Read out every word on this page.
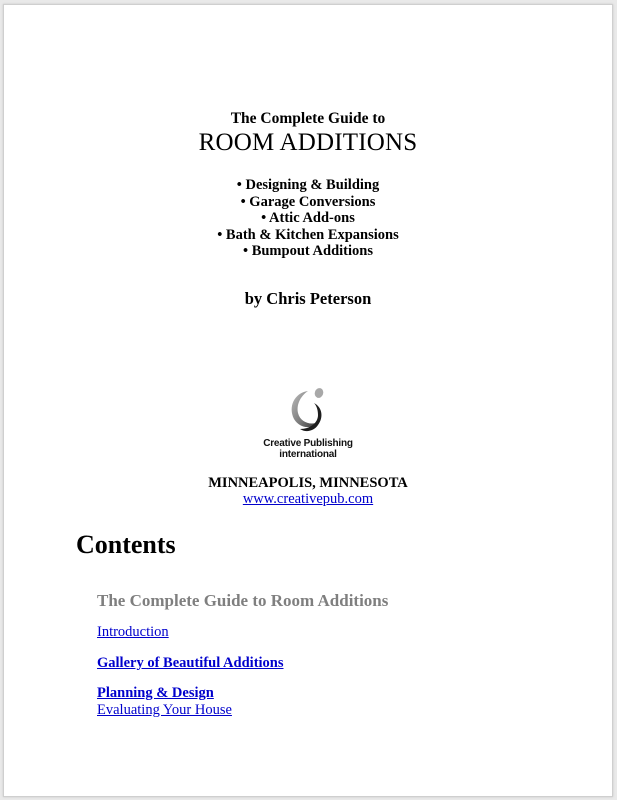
The Complete Guide to
ROOM ADDITIONS
• Designing & Building
• Garage Conversions
• Attic Add-ons
• Bath & Kitchen Expansions
• Bumpout Additions
by Chris Peterson
Creative Publishing
international
MINNEAPOLIS, MINNESOTA
www.creativepub.com
Contents
The Complete Guide to Room Additions
Introduction
Gallery of Beautiful Additions
Planning & Design
Evaluating Your House
